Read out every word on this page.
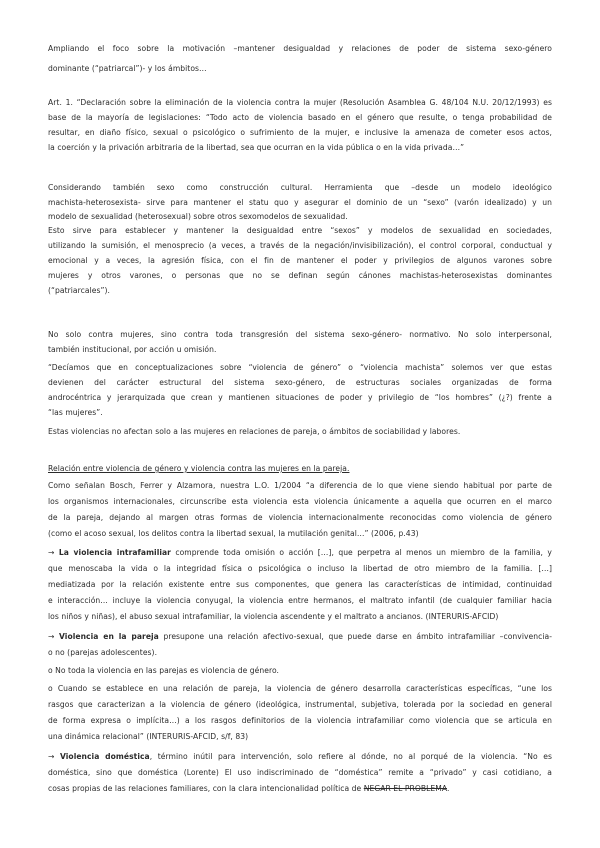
Ampliando el foco sobre la motivación –mantener desigualdad y relaciones de poder de sistema sexo-género
dominante (“patriarcal”)- y los ámbitos…
Art. 1. “Declaración sobre la eliminación de la violencia contra la mujer (Resolución Asamblea G. 48/104 N.U. 20/12/1993) es
base de la mayoría de legislaciones: “Todo acto de violencia basado en el género que resulte, o tenga probabilidad de
resultar, en diaño físico, sexual o psicológico o sufrimiento de la mujer, e inclusive la amenaza de cometer esos actos,
la coerción y la privación arbitraria de la libertad, sea que ocurran en la vida pública o en la vida privada…”
Considerando también sexo como construcción cultural. Herramienta que –desde un modelo ideológico
machista-heterosexista- sirve para mantener el statu quo y asegurar el dominio de un “sexo” (varón idealizado) y un
modelo de sexualidad (heterosexual) sobre otros sexomodelos de sexualidad.
Esto sirve para establecer y mantener la desigualdad entre “sexos” y modelos de sexualidad en sociedades,
utilizando la sumisión, el menosprecio (a veces, a través de la negación/invisibilización), el control corporal, conductual y
emocional y a veces, la agresión física, con el fin de mantener el poder y privilegios de algunos varones sobre
mujeres y otros varones, o personas que no se definan según cánones machistas-heterosexistas dominantes
(“patriarcales”).
No solo contra mujeres, sino contra toda transgresión del sistema sexo-género- normativo. No solo interpersonal,
también institucional, por acción u omisión.
“Decíamos que en conceptualizaciones sobre “violencia de género” o “violencia machista” solemos ver que estas
devienen del carácter estructural del sistema sexo-género, de estructuras sociales organizadas de forma
androcéntrica y jerarquizada que crean y mantienen situaciones de poder y privilegio de “los hombres” (¿?) frente a
“las mujeres”.
Estas violencias no afectan solo a las mujeres en relaciones de pareja, o ámbitos de sociabilidad y labores.
Relación entre violencia de género y violencia contra las mujeres en la pareja.
Como señalan Bosch, Ferrer y Alzamora, nuestra L.O. 1/2004 “a diferencia de lo que viene siendo habitual por parte de
los organismos internacionales, circunscribe esta violencia esta violencia únicamente a aquella que ocurren en el marco
de la pareja, dejando al margen otras formas de violencia internacionalmente reconocidas como violencia de género
(como el acoso sexual, los delitos contra la libertad sexual, la mutilación genital…” (2006, p.43)
→ La violencia intrafamiliar comprende toda omisión o acción […], que perpetra al menos un miembro de la familia, y
que menoscaba la vida o la integridad física o psicológica o incluso la libertad de otro miembro de la familia. […]
mediatizada por la relación existente entre sus componentes, que genera las características de intimidad, continuidad
e interacción… incluye la violencia conyugal, la violencia entre hermanos, el maltrato infantil (de cualquier familiar hacia
los niños y niñas), el abuso sexual intrafamiliar, la violencia ascendente y el maltrato a ancianos. (INTERURIS-AFCID)
→ Violencia en la pareja presupone una relación afectivo-sexual, que puede darse en ámbito intrafamiliar –convivencia-
o no (parejas adolescentes).
o No toda la violencia en las parejas es violencia de género.
o Cuando se establece en una relación de pareja, la violencia de género desarrolla características específicas, “une los
rasgos que caracterizan a la violencia de género (ideológica, instrumental, subjetiva, tolerada por la sociedad en general
de forma expresa o implícita…) a los rasgos definitorios de la violencia intrafamiliar como violencia que se articula en
una dinámica relacional” (INTERURIS-AFCID, s/f, 83)
→ Violencia doméstica, término inútil para intervención, solo refiere al dónde, no al porqué de la violencia. “No es
doméstica, sino que doméstica (Lorente) El uso indiscriminado de “doméstica” remite a “privado” y casi cotidiano, a
cosas propias de las relaciones familiares, con la clara intencionalidad política de NEGAR EL PROBLEMA.
